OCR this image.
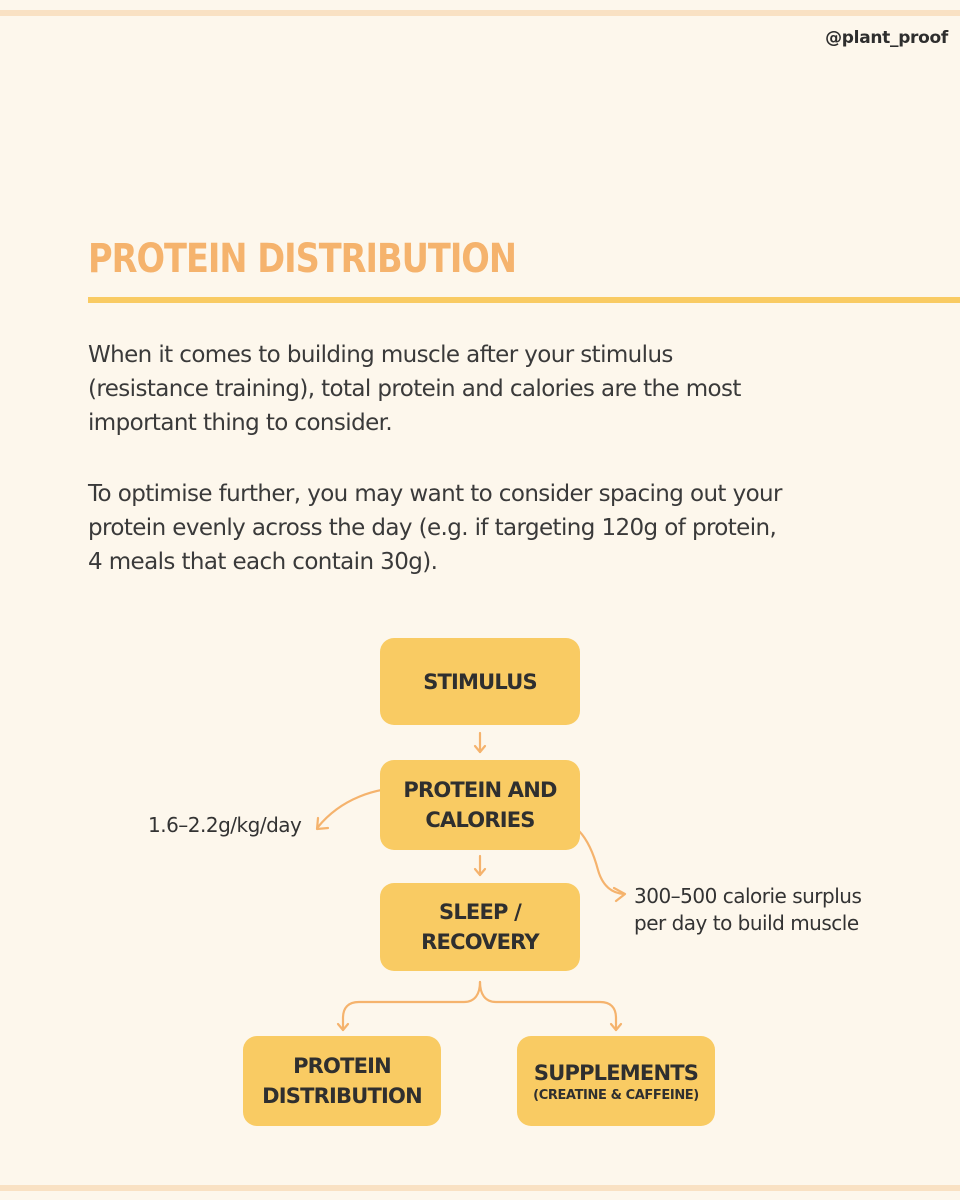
@plant_proof
PROTEIN DISTRIBUTION

When it comes to building muscle after your stimulus (resistance training), total protein and calories are the most important thing to consider.

To optimise further, you may want to consider spacing out your protein evenly across the day (e.g. if targeting 120g of protein, 4 meals that each contain 30g).

STIMULUS
PROTEIN AND
CALORIES
SLEEP /
RECOVERY
PROTEIN
DISTRIBUTION
SUPPLEMENTS
(CREATINE & CAFFEINE)
1.6–2.2g/kg/day
300–500 calorie surplus
per day to build muscle
